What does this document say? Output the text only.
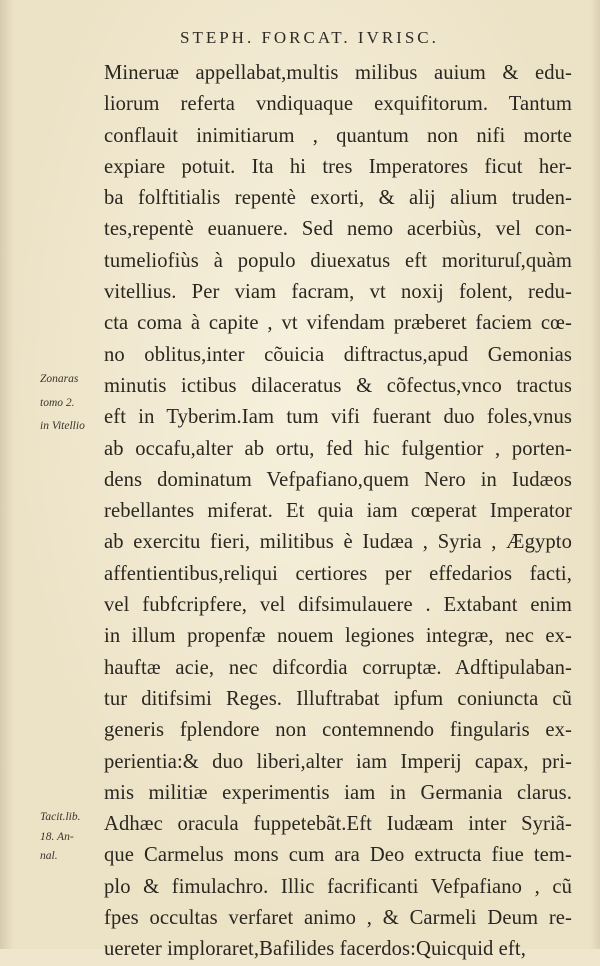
STEPH. FORCAT. IVRISC.
Mineruæ appellabat,multis milibus auium & edu-
liorum referta vndiquaque exquifitorum. Tantum
conflauit inimitiarum , quantum non nifi morte
expiare potuit. Ita hi tres Imperatores ficut her-
ba folftitialis repentè exorti, & alij alium truden-
tes,repentè euanuere. Sed nemo acerbiùs, vel con-
tumeliofiùs à populo diuexatus eft morituruſ,quàm
vitellius. Per viam facram, vt noxij folent, redu-
cta coma à capite , vt vifendam præberet faciem cœ-
no oblitus,inter cõuicia diftractus,apud Gemonias
minutis ictibus dilaceratus & cõfectus,vnco tractus
eft in Tyberim.Iam tum vifi fuerant duo foles,vnus
ab occafu,alter ab ortu, fed hic fulgentior , porten-
dens dominatum Vefpafiano,quem Nero in Iudæos
rebellantes miferat. Et quia iam cœperat Imperator
ab exercitu fieri, militibus è Iudæa , Syria , Ægypto
affentientibus,reliqui certiores per effedarios facti,
vel fubfcripfere, vel difsimulauere . Extabant enim
in illum propenfæ nouem legiones integræ, nec ex-
hauftæ acie, nec difcordia corruptæ. Adftipulaban-
tur ditifsimi Reges. Illuftrabat ipfum coniuncta cũ
generis fplendore non contemnendo fingularis ex-
perientia:& duo liberi,alter iam Imperij capax, pri-
mis militiæ experimentis iam in Germania clarus.
Adhæc oracula fuppetebãt.Eft Iudæam inter Syriã-
que Carmelus mons cum ara Deo extructa fiue tem-
plo & fimulachro. Illic facrificanti Vefpafiano , cũ
fpes occultas verfaret animo , & Carmeli Deum re-
uereter imploraret,Bafilides facerdos:Quicquid eft,
Zonaras
tomo 2.
in Vitellio
Tacit.lib.
18. An-
nal.
